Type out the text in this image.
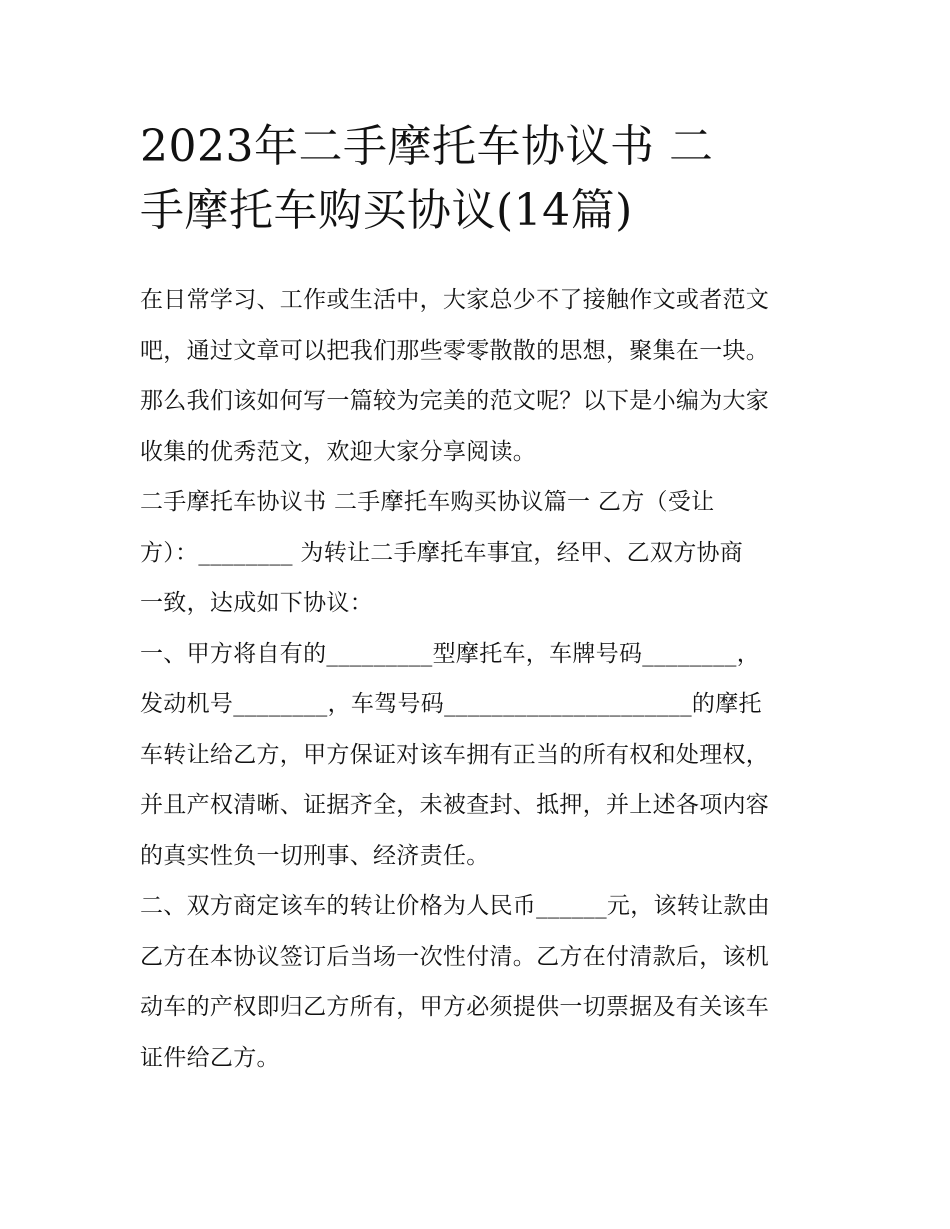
2023年二手摩托车协议书 二
手摩托车购买协议(14篇)

在日常学习、工作或生活中，大家总少不了接触作文或者范文
吧，通过文章可以把我们那些零零散散的思想，聚集在一块。
那么我们该如何写一篇较为完美的范文呢？以下是小编为大家
收集的优秀范文，欢迎大家分享阅读。

二手摩托车协议书 二手摩托车购买协议篇一 乙方（受让
方）：________ 为转让二手摩托车事宜，经甲、乙双方协商
一致，达成如下协议：

一、甲方将自有的_________型摩托车，车牌号码________，
发动机号________，车驾号码_____________________的摩托
车转让给乙方，甲方保证对该车拥有正当的所有权和处理权，
并且产权清晰、证据齐全，未被查封、抵押，并上述各项内容
的真实性负一切刑事、经济责任。

二、双方商定该车的转让价格为人民币______元，该转让款由
乙方在本协议签订后当场一次性付清。乙方在付清款后，该机
动车的产权即归乙方所有，甲方必须提供一切票据及有关该车
证件给乙方。
